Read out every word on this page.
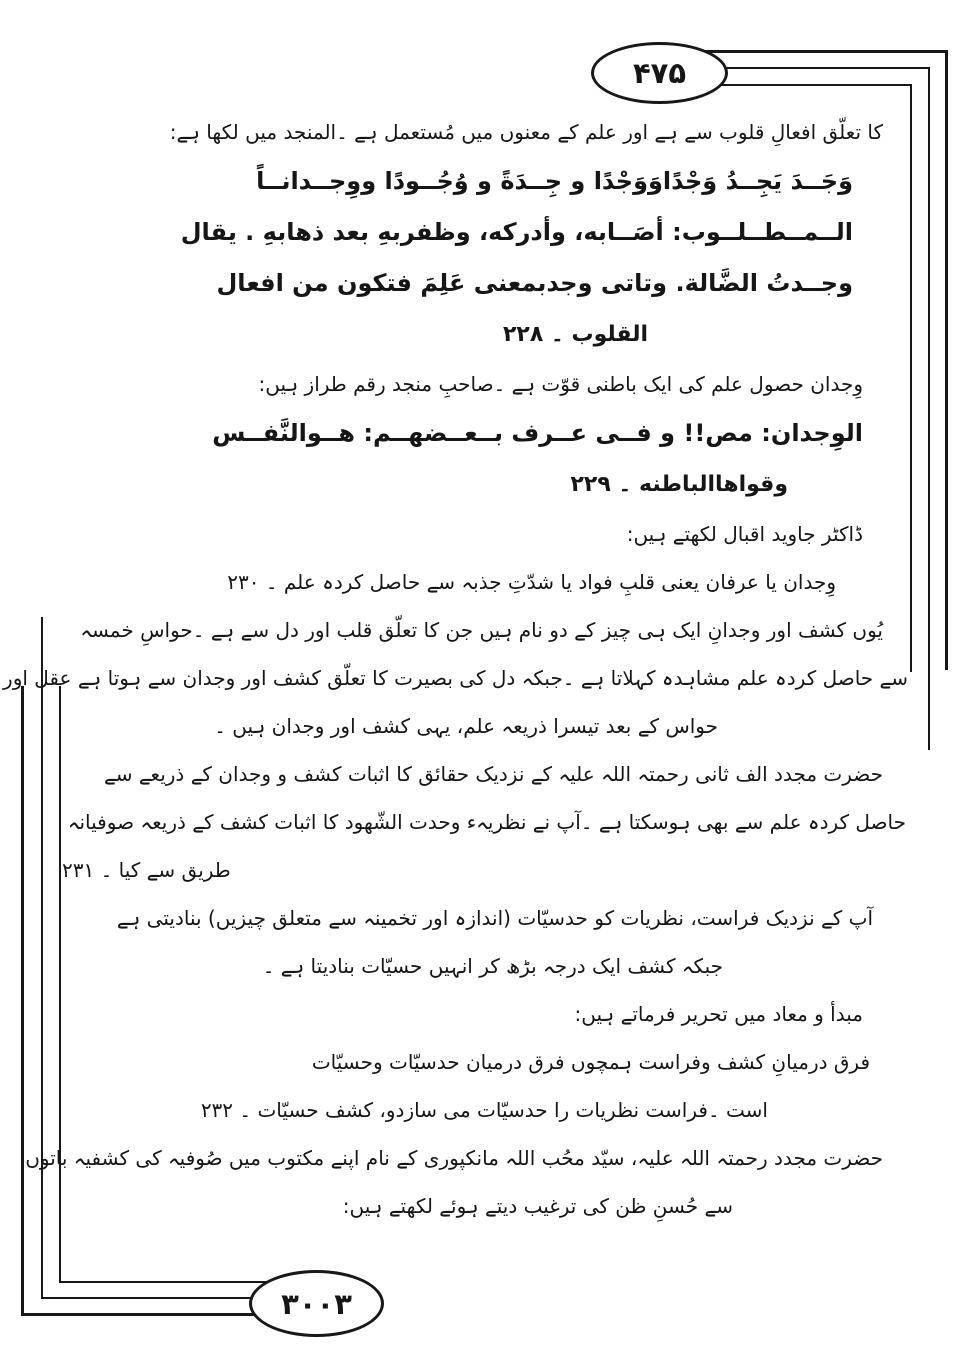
۴۷۵
۳۰۰۳
کا تعلّق افعالِ قلوب سے ہے اور علم کے معنوں میں مُستعمل ہے ۔المنجد میں لکھا ہے:
وَجَــدَ يَجِــدُ وَجْدًاوَوَجْدًا و جِــدَةً و وُجُــودًا ووِجــدانــاً
الــمــطــلــوب: أصَــابه، وأدركه، وظفربهِ بعد ذهابهِ . يقال
وجــدتُ الضَّالة. وتاتى وجدبمعنى عَلِمَ فتكون من افعال
القلوب ۔ ۲۲۸
وِجدان حصول علم کی ایک باطنی قوّت ہے ۔صاحبِ منجد رقم طراز ہیں:
الوِجدان: مص!! و فــی عــرف بــعــضهــم: هــوالنَّفــس
وقواهاالباطنه ۔ ۲۲۹
ڈاکٹر جاوید اقبال لکھتے ہیں:
وِجدان یا عرفان یعنی قلبِ فواد یا شدّتِ جذبہ سے حاصل کردہ علم ۔ ۲۳۰
یُوں کشف اور وجدانِ ایک ہی چیز کے دو نام ہیں جن کا تعلّق قلب اور دل سے ہے ۔حواسِ خمسہ
سے حاصل کردہ علم مشاہدہ کہلاتا ہے ۔جبکہ دل کی بصیرت کا تعلّق کشف اور وجدان سے ہوتا ہے عقل اور
حواس کے بعد تیسرا ذریعہ علم، یہی کشف اور وجدان ہیں ۔
حضرت مجدد الف ثانی رحمتہ اللہ علیہ کے نزدیک حقائق کا اثبات کشف و وجدان کے ذریعے سے
حاصل کردہ علم سے بھی ہوسکتا ہے ۔آپ نے نظریہء وحدت الشّھود کا اثبات کشف کے ذریعہ صوفیانہ
طریق سے کیا ۔ ۲۳۱
آپ کے نزدیک فراست، نظریات کو حدسیّات (اندازہ اور تخمینہ سے متعلق چیزیں) بنادیتی ہے
جبکہ کشف ایک درجہ بڑھ کر انہیں حسیّات بنادیتا ہے ۔
مبدأ و معاد میں تحریر فرماتے ہیں:
فرق درمیانِ کشف وفراست ہمچوں فرق درمیان حدسیّات وحسیّات
است ۔فراست نظریات را حدسیّات می سازدو، کشف حسیّات ۔ ۲۳۲
حضرت مجدد رحمتہ اللہ علیہ، سیّد محُب اللہ مانکپوری کے نام اپنے مکتوب میں صُوفیہ کی کشفیہ باتوں
سے حُسنِ ظن کی ترغیب دیتے ہوئے لکھتے ہیں:
